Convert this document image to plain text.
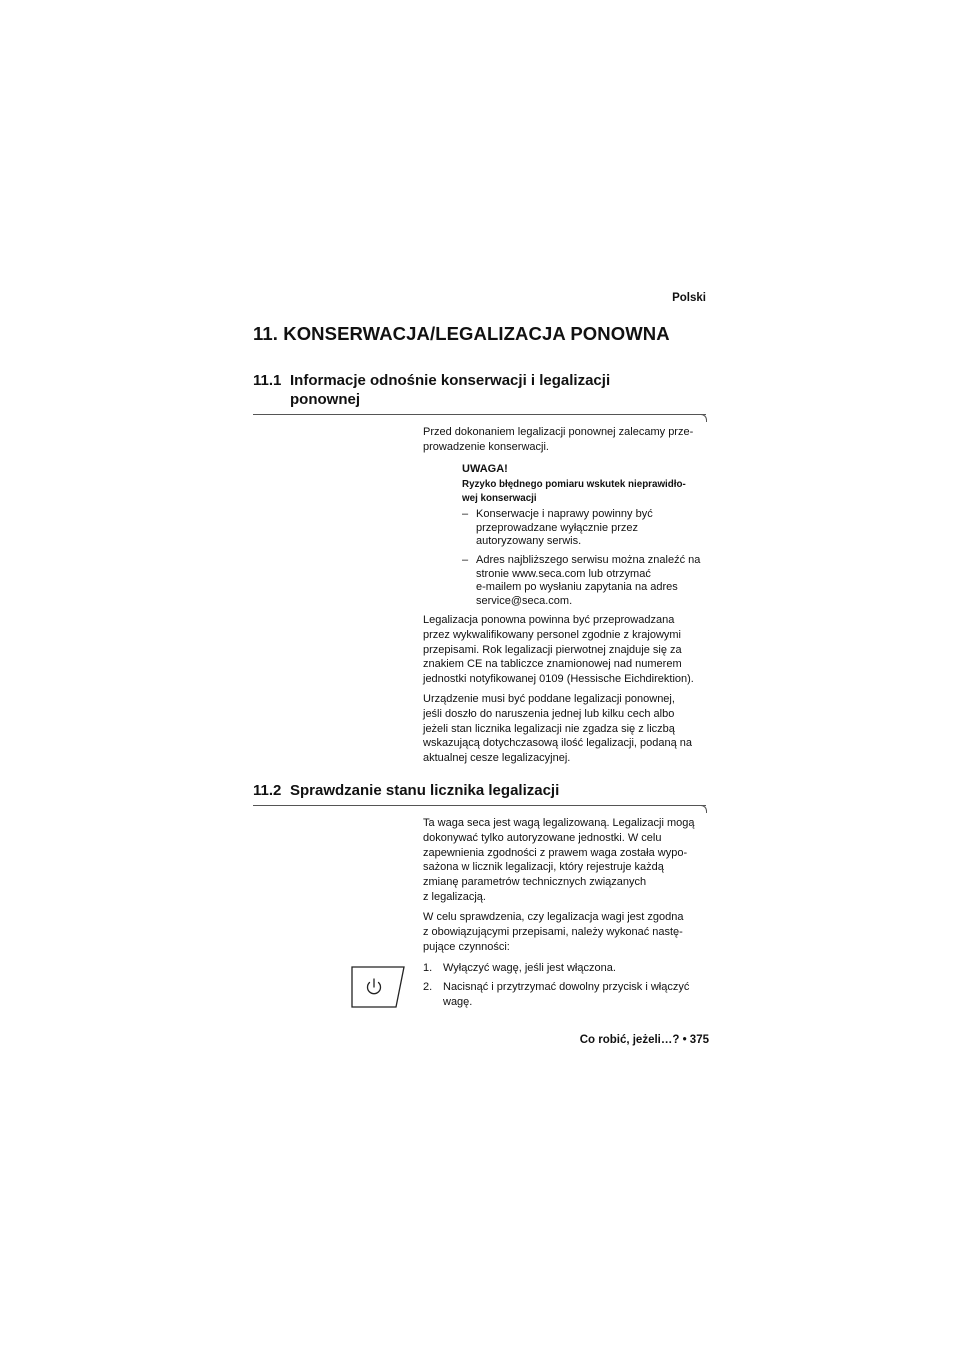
Polski
11. KONSERWACJA/LEGALIZACJA PONOWNA
11.1 Informacje odnośnie konserwacji i legalizacji
ponownej

Przed dokonaniem legalizacji ponownej zalecamy prze-

prowadzenie konserwacji.

UWAGA!
Ryzyko błędnego pomiaru wskutek nieprawidło-
wej konserwacji
– Konserwacje i naprawy powinny być
przeprowadzane wyłącznie przez
autoryzowany serwis.
– Adres najbliższego serwisu można znaleźć na
stronie www.seca.com lub otrzymać
e-mailem po wysłaniu zapytania na adres
service@seca.com.

Legalizacja ponowna powinna być przeprowadzana

przez wykwalifikowany personel zgodnie z krajowymi

przepisami. Rok legalizacji pierwotnej znajduje się za

znakiem CE na tabliczce znamionowej nad numerem

jednostki notyfikowanej 0109 (Hessische Eichdirektion).

Urządzenie musi być poddane legalizacji ponownej,

jeśli doszło do naruszenia jednej lub kilku cech albo

jeżeli stan licznika legalizacji nie zgadza się z liczbą

wskazującą dotychczasową ilość legalizacji, podaną na

aktualnej cesze legalizacyjnej.

11.2 Sprawdzanie stanu licznika legalizacji

Ta waga seca jest wagą legalizowaną. Legalizacji mogą

dokonywać tylko autoryzowane jednostki. W celu

zapewnienia zgodności z prawem waga została wypo-

sażona w licznik legalizacji, który rejestruje każdą

zmianę parametrów technicznych związanych

z legalizacją.

W celu sprawdzenia, czy legalizacja wagi jest zgodna

z obowiązującymi przepisami, należy wykonać nastę-

pujące czynności:

1. Wyłączyć wagę, jeśli jest włączona.
2. Nacisnąć i przytrzymać dowolny przycisk i włączyć
wagę.
Co robić, jeżeli…? • 375
